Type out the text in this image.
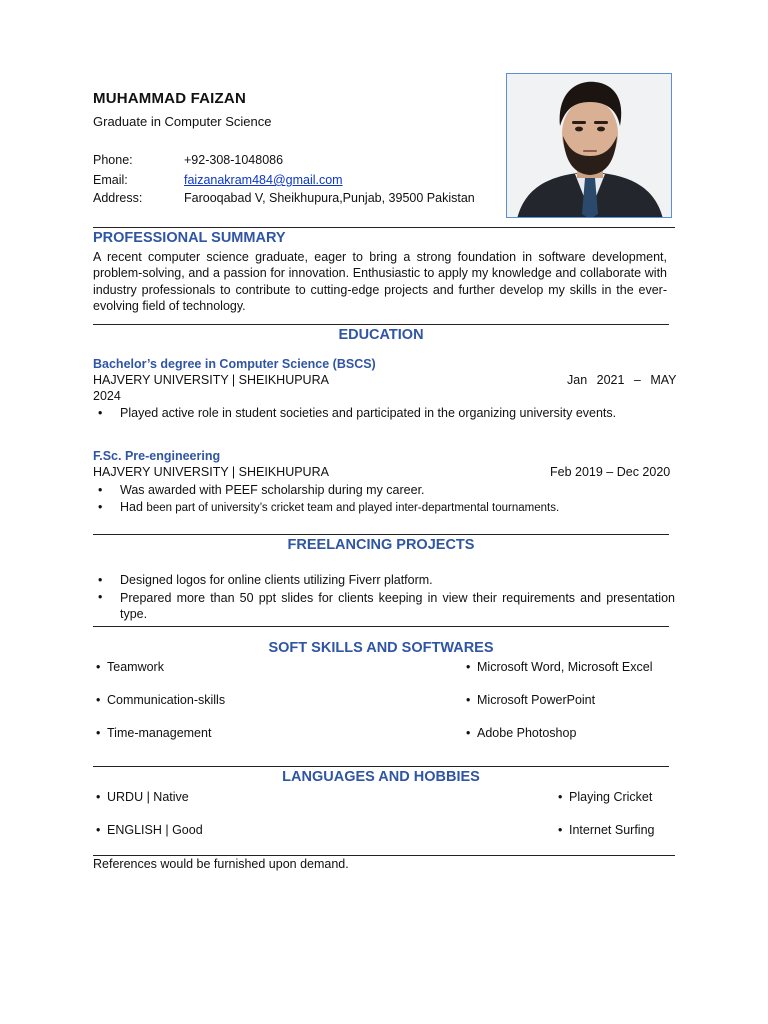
MUHAMMAD FAIZAN
Graduate in Computer Science
Phone:	+92-308-1048086
Email:	faizanakram484@gmail.com
Address:	Farooqabad V, Sheikhupura,Punjab, 39500 Pakistan
PROFESSIONAL SUMMARY
A recent computer science graduate, eager to bring a strong foundation in software development, problem-solving, and a passion for innovation. Enthusiastic to apply my knowledge and collaborate with industry professionals to contribute to cutting-edge projects and further develop my skills in the ever-evolving field of technology.
EDUCATION
Bachelor’s degree in Computer Science (BSCS)
HAJVERY UNIVERSITY | SHEIKHUPURA	Jan 2021 – MAY
2024
• Played active role in student societies and participated in the organizing university events.
F.Sc. Pre-engineering
HAJVERY UNIVERSITY | SHEIKHUPURA	Feb 2019 – Dec 2020
• Was awarded with PEEF scholarship during my career.
• Had been part of university’s cricket team and played inter-departmental tournaments.
FREELANCING PROJECTS
• Designed logos for online clients utilizing Fiverr platform.
•	Prepared more than 50 ppt slides for clients keeping in view their requirements and presentation type.
SOFT SKILLS AND SOFTWARES
• Teamwork
• Communication-skills
• Time-management
• Microsoft Word, Microsoft Excel
• Microsoft PowerPoint
• Adobe Photoshop
LANGUAGES AND HOBBIES
• URDU | Native
• ENGLISH | Good
• Playing Cricket
• Internet Surfing
References would be furnished upon demand.
